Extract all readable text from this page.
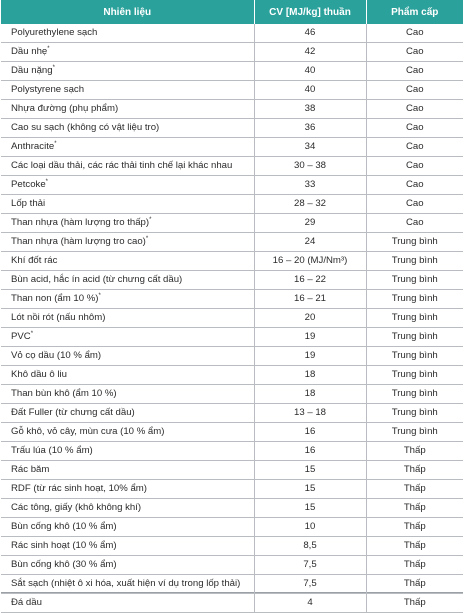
Nhiên liệu	CV [MJ/kg] thuần	Phẩm cấp
Polyurethylene sạch	46	Cao
Dầu nhẹ*	42	Cao
Dầu nặng*	40	Cao
Polystyrene sạch	40	Cao
Nhựa đường (phụ phẩm)	38	Cao
Cao su sạch (không có vật liệu tro)	36	Cao
Anthracite*	34	Cao
Các loại dầu thải, các rác thải tinh chế lại khác nhau	30 – 38	Cao
Petcoke*	33	Cao
Lốp thải	28 – 32	Cao
Than nhựa (hàm lượng tro thấp)*	29	Cao
Than nhựa (hàm lượng tro cao)*	24	Trung bình
Khí đốt rác	16 – 20 (MJ/Nm³)	Trung bình
Bùn acid, hắc ín acid (từ chưng cất dầu)	16 – 22	Trung bình
Than non (ẩm 10 %)*	16 – 21	Trung bình
Lót nồi rót (nấu nhôm)	20	Trung bình
PVC*	19	Trung bình
Vỏ cọ dầu (10 % ẩm)	19	Trung bình
Khô dầu ô liu	18	Trung bình
Than bùn khô (ẩm 10 %)	18	Trung bình
Đất Fuller (từ chưng cất dầu)	13 – 18	Trung bình
Gỗ khô, vỏ cây, mùn cưa (10 % ẩm)	16	Trung bình
Trấu lúa (10 % ẩm)	16	Thấp
Rác băm	15	Thấp
RDF (từ rác sinh hoạt, 10% ẩm)	15	Thấp
Các tông, giấy (khô không khí)	15	Thấp
Bùn cống khô (10 % ẩm)	10	Thấp
Rác sinh hoạt (10 % ẩm)	8,5	Thấp
Bùn cống khô (30 % ẩm)	7,5	Thấp
Sắt sạch (nhiệt ô xi hóa, xuất hiện ví dụ trong lốp thải)	7,5	Thấp
Đá dầu	4	Thấp
